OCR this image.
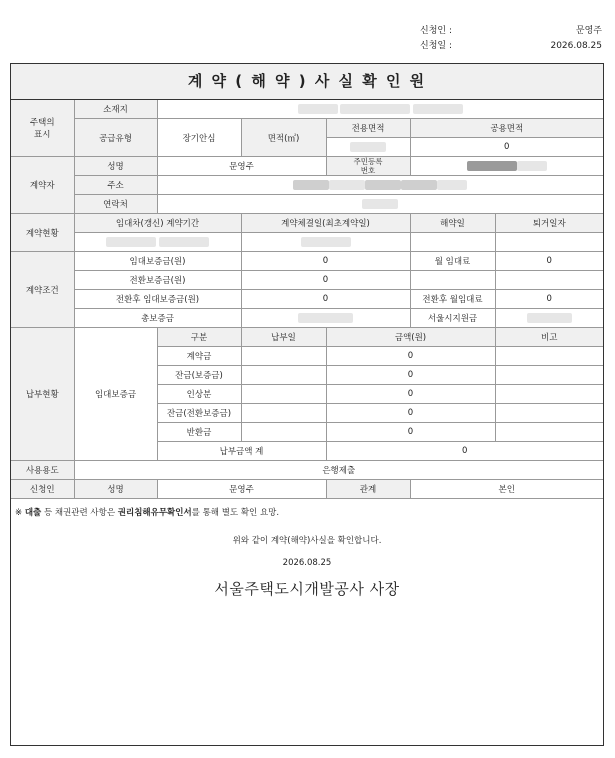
신청인 :	문영주
신청일 :	2026.08.25
계 약 ( 해 약 ) 사 실 확 인 원
주택의
표시	소재지					
	공급유형	장기안심	면적(㎡)	전용면적	공용면적	
					0	
계약자	성명	문영주		주민등록
번호		
	주소					
	연락처					
계약현황	임대차(갱신) 계약기간		계약체결일(최초계약일)		해약일	퇴거일자

계약조건	임대보증금(원)		0		월 임대료	0
	전환보증금(원)		0			
	전환후 임대보증금(원)		0		전환후 월임대료	0
	총보증금				서울시지원금	
납부현황	임대보증금	구분	납부일	금액(원)		비고
		계약금		0		
		잔금(보증금)		0		
		인상분		0		
		잔금(전환보증금)		0		
		반환금		0		
		납부금액 계		0		
사용용도	은행제출					
신청인	성명	문영주		관계	본인	
※ 대출 등 채권관련 사항은 권리침해유무확인서를 통해 별도 확인 요망.
위와 같이 계약(해약)사실을 확인합니다.
2026.08.25
서울주택도시개발공사 사장
